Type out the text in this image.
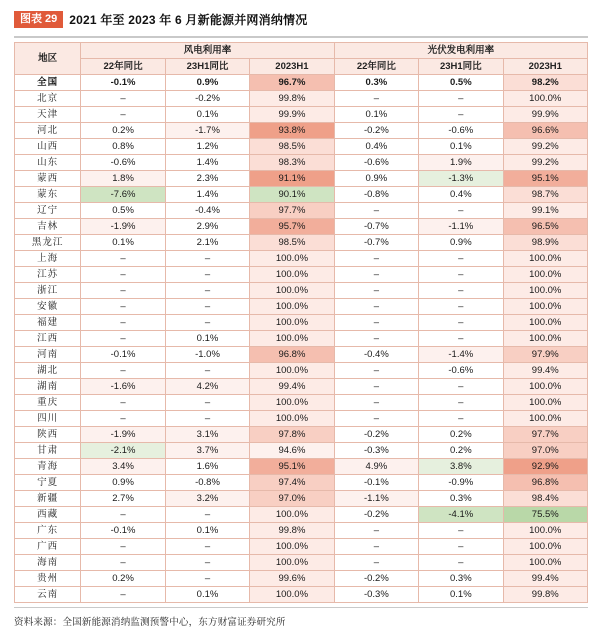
图表 29	2021 年至 2023 年 6 月新能源并网消纳情况
地区	风电利用率			光伏发电利用率		
	22年同比	23H1同比	2023H1	22年同比	23H1同比	2023H1
全国	-0.1%	0.9%	96.7%	0.3%	0.5%	98.2%
北京	–	-0.2%	99.8%	–	–	100.0%
天津	–	0.1%	99.9%	0.1%	–	99.9%
河北	0.2%	-1.7%	93.8%	-0.2%	-0.6%	96.6%
山西	0.8%	1.2%	98.5%	0.4%	0.1%	99.2%
山东	-0.6%	1.4%	98.3%	-0.6%	1.9%	99.2%
蒙西	1.8%	2.3%	91.1%	0.9%	-1.3%	95.1%
蒙东	-7.6%	1.4%	90.1%	-0.8%	0.4%	98.7%
辽宁	0.5%	-0.4%	97.7%	–	–	99.1%
吉林	-1.9%	2.9%	95.7%	-0.7%	-1.1%	96.5%
黑龙江	0.1%	2.1%	98.5%	-0.7%	0.9%	98.9%
上海	–	–	100.0%	–	–	100.0%
江苏	–	–	100.0%	–	–	100.0%
浙江	–	–	100.0%	–	–	100.0%
安徽	–	–	100.0%	–	–	100.0%
福建	–	–	100.0%	–	–	100.0%
江西	–	0.1%	100.0%	–	–	100.0%
河南	-0.1%	-1.0%	96.8%	-0.4%	-1.4%	97.9%
湖北	–	–	100.0%	–	-0.6%	99.4%
湖南	-1.6%	4.2%	99.4%	–	–	100.0%
重庆	–	–	100.0%	–	–	100.0%
四川	–	–	100.0%	–	–	100.0%
陕西	-1.9%	3.1%	97.8%	-0.2%	0.2%	97.7%
甘肃	-2.1%	3.7%	94.6%	-0.3%	0.2%	97.0%
青海	3.4%	1.6%	95.1%	4.9%	3.8%	92.9%
宁夏	0.9%	-0.8%	97.4%	-0.1%	-0.9%	96.8%
新疆	2.7%	3.2%	97.0%	-1.1%	0.3%	98.4%
西藏	–	–	100.0%	-0.2%	-4.1%	75.5%
广东	-0.1%	0.1%	99.8%	–	–	100.0%
广西	–	–	100.0%	–	–	100.0%
海南	–	–	100.0%	–	–	100.0%
贵州	0.2%	–	99.6%	-0.2%	0.3%	99.4%
云南	–	0.1%	100.0%	-0.3%	0.1%	99.8%
资料来源：全国新能源消纳监测预警中心，东方财富证券研究所
